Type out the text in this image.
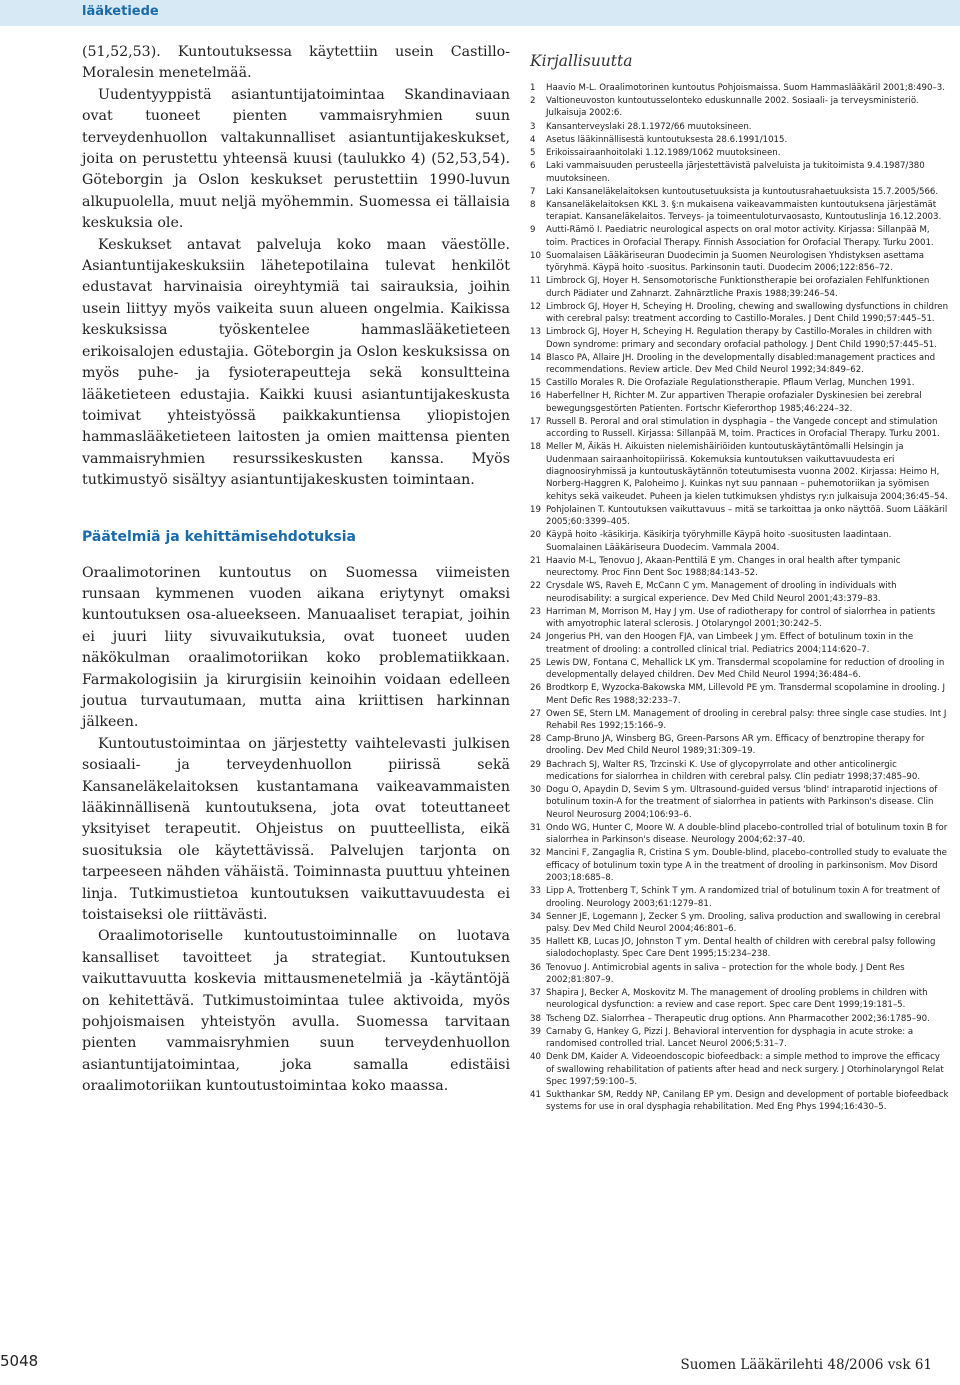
lääketiede

(51,52,53). Kuntoutuksessa käytettiin usein Castillo-Moralesin menetelmää.

Uudentyyppistä asiantuntijatoimintaa Skandinaviaan ovat tuoneet pienten vammaisryhmien suun terveydenhuollon valtakunnalliset asiantuntijakeskukset, joita on perustettu yhteensä kuusi (taulukko 4) (52,53,54). Göteborgin ja Oslon keskukset perustettiin 1990-luvun alkupuolella, muut neljä myöhemmin. Suomessa ei tällaisia keskuksia ole.

Keskukset antavat palveluja koko maan väestölle. Asiantuntijakeskuksiin lähetepotilaina tulevat henkilöt edustavat harvinaisia oireyhtymiä tai sairauksia, joihin usein liittyy myös vaikeita suun alueen ongelmia. Kaikissa keskuksissa työskentelee hammaslääketieteen erikoisalojen edustajia. Göteborgin ja Oslon keskuksissa on myös puhe- ja fysioterapeutteja sekä konsultteina lääketieteen edustajia. Kaikki kuusi asiantuntijakeskusta toimivat yhteistyössä paikkakuntiensa yliopistojen hammaslääketieteen laitosten ja omien maittensa pienten vammaisryhmien resurssikeskusten kanssa. Myös tutkimustyö sisältyy asiantuntijakeskusten toimintaan.

Päätelmiä ja kehittämisehdotuksia

Oraalimotorinen kuntoutus on Suomessa viimeisten runsaan kymmenen vuoden aikana eriytynyt omaksi kuntoutuksen osa-alueekseen. Manuaaliset terapiat, joihin ei juuri liity sivuvaikutuksia, ovat tuoneet uuden näkökulman oraalimotoriikan koko problematiikkaan. Farmakologisiin ja kirurgisiin keinoihin voidaan edelleen joutua turvautumaan, mutta aina kriittisen harkinnan jälkeen.

Kuntoutustoimintaa on järjestetty vaihtelevasti julkisen sosiaali- ja terveydenhuollon piirissä sekä Kansaneläkelaitoksen kustantamana vaikeavammaisten lääkinnällisenä kuntoutuksena, jota ovat toteuttaneet yksityiset terapeutit. Ohjeistus on puutteellista, eikä suosituksia ole käytettävissä. Palvelujen tarjonta on tarpeeseen nähden vähäistä. Toiminnasta puuttuu yhteinen linja. Tutkimustietoa kuntoutuksen vaikuttavuudesta ei toistaiseksi ole riittävästi.

Oraalimotoriselle kuntoutustoiminnalle on luotava kansalliset tavoitteet ja strategiat. Kuntoutuksen vaikuttavuutta koskevia mittausmenetelmiä ja -käytäntöjä on kehitettävä. Tutkimustoimintaa tulee aktivoida, myös pohjoismaisen yhteistyön avulla. Suomessa tarvitaan pienten vammaisryhmien suun terveydenhuollon asiantuntijatoimintaa, joka samalla edistäisi oraalimotoriikan kuntoutustoimintaa koko maassa.

Kirjallisuutta
1 Haavio M-L. Oraalimotorinen kuntoutus Pohjoismaissa. Suom Hammaslääkäril 2001;8:490–3.
2 Valtioneuvoston kuntoutusselonteko eduskunnalle 2002. Sosiaali- ja terveysministeriö. Julkaisuja 2002:6.
3 Kansanterveyslaki 28.1.1972/66 muutoksineen.
4 Asetus lääkinnällisestä kuntoutuksesta 28.6.1991/1015.
5 Erikoissairaanhoitolaki 1.12.1989/1062 muutoksineen.
6 Laki vammaisuuden perusteella järjestettävistä palveluista ja tukitoimista 9.4.1987/380 muutoksineen.
7 Laki Kansaneläkelaitoksen kuntoutusetuuksista ja kuntoutusrahaetuuksista 15.7.2005/566.
8 Kansaneläkelaitoksen KKL 3. §:n mukaisena vaikeavammaisten kuntoutuksena järjestämät terapiat. Kansaneläkelaitos. Terveys- ja toimeentuloturvaosasto, Kuntoutuslinja 16.12.2003.
9 Autti-Rämö I. Paediatric neurological aspects on oral motor activity. Kirjassa: Sillanpää M, toim. Practices in Orofacial Therapy. Finnish Association for Orofacial Therapy. Turku 2001.
10 Suomalaisen Lääkäriseuran Duodecimin ja Suomen Neurologisen Yhdistyksen asettama työryhmä. Käypä hoito -suositus. Parkinsonin tauti. Duodecim 2006;122:856–72.
11 Limbrock GJ, Hoyer H. Sensomotorische Funktionstherapie bei orofazialen Fehlfunktionen durch Pädiater und Zahnarzt. Zahnärztliche Praxis 1988;39:246–54.
12 Limbrock GJ, Hoyer H, Scheying H. Drooling, chewing and swallowing dysfunctions in children with cerebral palsy: treatment according to Castillo-Morales. J Dent Child 1990;57:445–51.
13 Limbrock GJ, Hoyer H, Scheying H. Regulation therapy by Castillo-Morales in children with Down syndrome: primary and secondary orofacial pathology. J Dent Child 1990;57:445–51.
14 Blasco PA, Allaire JH. Drooling in the developmentally disabled:management practices and recommendations. Review article. Dev Med Child Neurol 1992;34:849–62.
15 Castillo Morales R. Die Orofaziale Regulationstherapie. Pflaum Verlag, Munchen 1991.
16 Haberfellner H, Richter M. Zur appartiven Therapie orofazialer Dyskinesien bei zerebral bewegungsgestörten Patienten. Fortschr Kieferorthop 1985;46:224–32.
17 Russell B. Peroral and oral stimulation in dysphagia – the Vangede concept and stimulation according to Russell. Kirjassa: Sillanpää M, toim. Practices in Orofacial Therapy. Turku 2001.
18 Meller M, Äikäs H. Aikuisten nielemishäiriöiden kuntoutuskäytäntömalli Helsingin ja Uudenmaan sairaanhoitopiirissä. Kokemuksia kuntoutuksen vaikuttavuudesta eri diagnoosiryhmissä ja kuntoutuskäytännön toteutumisesta vuonna 2002. Kirjassa: Heimo H, Norberg-Haggren K, Paloheimo J. Kuinkas nyt suu pannaan – puhemotoriikan ja syömisen kehitys sekä vaikeudet. Puheen ja kielen tutkimuksen yhdistys ry:n julkaisuja 2004;36:45–54.
19 Pohjolainen T. Kuntoutuksen vaikuttavuus – mitä se tarkoittaa ja onko näyttöä. Suom Lääkäril 2005;60:3399–405.
20 Käypä hoito -käsikirja. Käsikirja työryhmille Käypä hoito -suositusten laadintaan. Suomalainen Lääkäriseura Duodecim. Vammala 2004.
21 Haavio M-L, Tenovuo J, Akaan-Penttilä E ym. Changes in oral health after tympanic neurectomy. Proc Finn Dent Soc 1988;84:143–52.
22 Crysdale WS, Raveh E, McCann C ym. Management of drooling in individuals with neurodisability: a surgical experience. Dev Med Child Neurol 2001;43:379–83.
23 Harriman M, Morrison M, Hay J ym. Use of radiotherapy for control of sialorrhea in patients with amyotrophic lateral sclerosis. J Otolaryngol 2001;30:242–5.
24 Jongerius PH, van den Hoogen FJA, van Limbeek J ym. Effect of botulinum toxin in the treatment of drooling: a controlled clinical trial. Pediatrics 2004;114:620–7.
25 Lewis DW, Fontana C, Mehallick LK ym. Transdermal scopolamine for reduction of drooling in developmentally delayed children. Dev Med Child Neurol 1994;36:484–6.
26 Brodtkorp E, Wyzocka-Bakowska MM, Lillevold PE ym. Transdermal scopolamine in drooling. J Ment Defic Res 1988;32:233–7.
27 Owen SE, Stern LM. Management of drooling in cerebral palsy: three single case studies. Int J Rehabil Res 1992;15:166–9.
28 Camp-Bruno JA, Winsberg BG, Green-Parsons AR ym. Efficacy of benztropine therapy for drooling. Dev Med Child Neurol 1989;31:309–19.
29 Bachrach SJ, Walter RS, Trzcinski K. Use of glycopyrrolate and other anticolinergic medications for sialorrhea in children with cerebral palsy. Clin pediatr 1998;37:485–90.
30 Dogu O, Apaydin D, Sevim S ym. Ultrasound-guided versus 'blind' intraparotid injections of botulinum toxin-A for the treatment of sialorrhea in patients with Parkinson's disease. Clin Neurol Neurosurg 2004;106:93–6.
31 Ondo WG, Hunter C, Moore W. A double-blind placebo-controlled trial of botulinum toxin B for sialorrhea in Parkinson's disease. Neurology 2004;62:37–40.
32 Mancini F, Zangaglia R, Cristina S ym. Double-blind, placebo-controlled study to evaluate the efficacy of botulinum toxin type A in the treatment of drooling in parkinsonism. Mov Disord 2003;18:685–8.
33 Lipp A, Trottenberg T, Schink T ym. A randomized trial of botulinum toxin A for treatment of drooling. Neurology 2003;61:1279–81.
34 Senner JE, Logemann J, Zecker S ym. Drooling, saliva production and swallowing in cerebral palsy. Dev Med Child Neurol 2004;46:801–6.
35 Hallett KB, Lucas JO, Johnston T ym. Dental health of children with cerebral palsy following sialodochoplasty. Spec Care Dent 1995;15:234–238.
36 Tenovuo J. Antimicrobial agents in saliva – protection for the whole body. J Dent Res 2002;81:807–9.
37 Shapira J, Becker A, Moskovitz M. The management of drooling problems in children with neurological dysfunction: a review and case report. Spec care Dent 1999;19:181–5.
38 Tscheng DZ. Sialorrhea – Therapeutic drug options. Ann Pharmacother 2002;36:1785–90.
39 Carnaby G, Hankey G, Pizzi J. Behavioral intervention for dysphagia in acute stroke: a randomised controlled trial. Lancet Neurol 2006;5:31–7.
40 Denk DM, Kaider A. Videoendoscopic biofeedback: a simple method to improve the efficacy of swallowing rehabilitation of patients after head and neck surgery. J Otorhinolaryngol Relat Spec 1997;59:100–5.
41 Sukthankar SM, Reddy NP, Canilang EP ym. Design and development of portable biofeedback systems for use in oral dysphagia rehabilitation. Med Eng Phys 1994;16:430–5.
5048	Suomen Lääkärilehti 48/2006 vsk 61
